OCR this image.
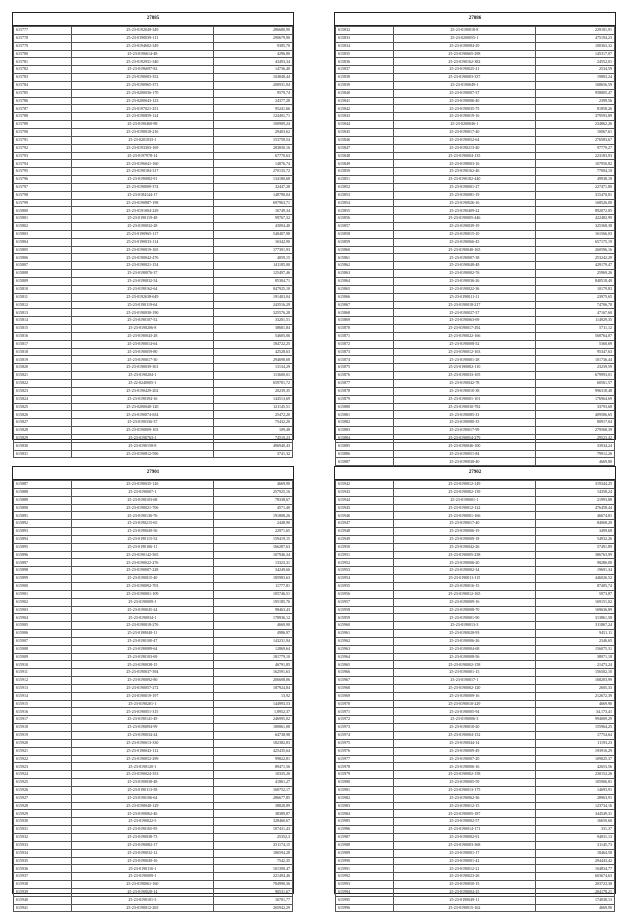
27885
615777	25-23-0192049-349	286680,90
615778	25-23-0190039-111	290679,90
615779	25-23-0194602-349	9385,70
615780	25-23-0196614-48	4296,80
615781	25-23-0192931-340	43493,34
615782	25-23-0196697-82	14736,40
615783	25-23-0190003-352	104848,44
615784	25-23-0190965-371	200931,94
615785	25-23-0200036-170	9579,74
615786	25-23-0200043-123	24377,28
615787	25-23-0197021-251	95241,66
615788	25-23-0190859-124	124491,71
615789	25-23-0190460-98	100909,24
615790	25-23-0190018-216	29403,62
615791	25-23-0201033-1	153758,54
615792	25-23-0193303-169	283830,16
615793	25-23-0197978-14	67770,63
615794	25-23-0196041-160	14876,74
615795	25-23-0190184-317	270135,72
615796	25-23-0190082-91	134180,68
615797	25-23-0190009-374	32447,28
615798	25-23-0184144-17	148790,04
615799	25-23-0190887-198	697963,71
615800	25-23-0191004-229	16749,34
615801	25-23-0190119-48	99767,32
615802	25-23-0190032-28	43094,40
615803	25-23-0190965-117	540407,98
615804	25-23-0190033-114	16342,90
615805	25-23-0190019-165	177391,93
615806	25-23-0190042-476	4059,15
615807	25-23-0190021-154	141185,00
615808	25-23-0190076-37	125497,46
615809	25-23-0190032-54	85304,71
615810	25-23-0190162-64	847925,10
615811	25-23-0192638-649	191403,04
615812	25-23-0190119-64	243516,29
615813	25-23-0190030-190	325576,28
615814	25-23-0190107-52	33201,51
615815	25-23-0190206-8	38681,84
615816	25-23-0190043-28	54605,06
615817	25-23-0190014-64	184722,25
615818	25-23-0190059-80	42528,63
615819	25-23-0190017-30	294698,68
615820	25-23-0190039-301	13134,29
615821	25-23-0190204-1	113600,01
615822	25-22-0240005-1	659701,72
615823	25-23-0190429-202	20239,35
615824	25-23-0190394-16	144513,69
615825	25-23-0200040-120	121145,51
615826	25-23-0190074-654	25472,20
615827	25-23-0190336-37	75432,20
615828	25-23-0190009-103	109,48
615829	25-23-0190763-1	74510,23
615830	25-23-0190158-8	496940,43
615831	25-23-0190812-596	3741,32
27886
615832	25-23-0190018-8	229181,91
615833	25-23-0200055-1	475194,23
615834	25-23-0190084-29	100363,32
615835	25-23-0190665-298	145317,07
615836	25-23-0190162-382	24552,01
615837	25-23-0190025-21	2534,59
615838	25-23-0190003-337	19883,24
615839	25-23-0190049-1	168656,59
615840	25-23-0190007-37	958805,47
615841	25-23-0190006-40	2399,56
615842	25-23-0190035-75	81858,26
615843	25-23-0190019-16	379593,89
615844	25-23-0200046-1	234862,26
615845	25-23-0190017-40	10067,61
615846	25-23-0190052-64	276583,67
615847	25-23-0190213-40	97779,27
615848	25-23-0190004-135	223183,93
615849	25-23-0198003-16	107950,82
615850	25-23-0190162-46	77004,10
615851	25-23-0190182-440	49938,18
615852	25-23-0190001-27	227471,80
615853	25-23-0190081-19	315470,81
615854	25-23-0190026-16	168526,00
615855	25-23-0190409-22	892072,05
615856	25-23-0190005-446	422482,99
615857	25-23-0190039-19	325368,38
615858	25-23-0190015-10	161566,03
615859	25-23-0190066-45	657175,19
615860	25-23-0190040-165	260596,16
615861	25-23-0190007-38	253242,29
615862	25-23-0190048-48	429179,47
615863	25-23-0190002-76	25969,26
615864	25-23-0190036-26	840518,49
615865	25-23-0190022-36	10179,83
615866	25-23-0190011-11	23975,65
615867	25-23-0190018-217	74706,78
615868	25-23-0190027-37	47167,60
615869	25-23-0190063-69	114929,35
615870	25-23-0190017-292	5711,12
615871	25-23-0190022-166	568764,07
615872	25-23-0190008-52	5360,69
615873	25-23-0190012-163	95347,63
615874	25-23-0190001-28	101736,44
615875	25-23-0190002-110	23239,59
615876	25-23-0190033-105	679993,01
615877	25-23-0190042-78	60561,57
615878	25-23-0190010-38	996318,48
615879	25-23-0190001-101	176964,69
615880	25-23-0190030-782	33793,68
615881	25-23-0190085-31	409586,65
615882	25-23-0190080-35	80917,04
615883	25-23-0190017-99	279568,39
615884	25-23-0190054-279	29523,42
615885	25-23-0190046-100	33934,24
615886	25-23-0190051-84	79912,26
615887	25-23-0190030-40	4669,80
27901
615887	25-23-0190035-126	4669,90
615888	25-23-0190007-1	257925,16
615889	25-23-0190103-68	78338,67
615890	25-23-0190021-706	4571,40
615891	25-23-0190136-76	191808,26
615892	25-23-0190215-65	2448,90
615893	25-23-0190049-56	22971,65
615894	25-23-0190115-52	159419,15
615895	25-23-0190106-11	166287,63
615896	25-23-0190142-565	107946,34
615897	25-23-0190022-276	13323,31
615898	25-23-0190007-228	34249,66
615899	25-23-0190015-40	185983,63
615900	25-23-0190092-703	11777,81
615901	25-23-0190001-109	105746,51
615902	25-23-0190009-1	195185,76
615903	25-23-0190045-24	98463,43
615904	25-23-0190034-1	178936,12
615905	25-23-0190018-276	4669,90
615906	25-23-0190040-11	4986,97
615907	25-23-0190100-47	143231,94
615908	25-23-0190089-64	12869,64
615909	25-23-0190103-69	181779,10
615910	25-23-0190038-15	46791,85
615911	25-23-0190037-394	162591,63
615912	25-23-0190092-80	206608,06
615913	25-23-0190057-272	187924,84
615914	25-23-0190019-197	13,92
615915	25-23-0190201-1	144993,53
615916	25-23-0190051-315	1,8952,37
615917	25-23-0190141-49	246995,02
615918	25-23-0190094-99	180861,08
615919	25-23-0190034-24	64738,98
615920	25-23-0190013-330	182382,83
615921	25-23-0190043-112	425435,64
615922	25-23-0190052-299	99822,81
615923	25-23-0190120-1	89471,56
615924	25-23-0190024-353	10335,26
615925	25-23-0190038-48	41861,27
615926	25-23-0190113-58	160752,17
615927	25-23-0190106-64	286677,85
615928	25-23-0190040-129	38828,89
615929	25-23-0190062-46	38389,87
615930	25-23-0190022-5	328460,67
615931	25-23-0190165-95	107431,43
615932	25-23-0190038-73	25352,3
615933	25-23-0190082-17	251174,15
615934	25-23-0190032-12	186594,28
615935	25-23-0190049-16	7542,35
615936	25-23-0190116-1	101390,47
615937	25-23-0190009-1	221494,46
615938	25-23-0190061-160	784990,36
615939	25-23-0190020-14	90531,67
615940	25-23-0190101-3	16701,77
615941	25-23-0190012-265	265942,29
27902
615942	25-23-0190012-149	319344,25
615943	25-23-0190002-139	14358,24
615944	25-23-0190001-1	21993,88
615945	25-23-0190012-122	476458,44
615946	25-23-0190001-166	46674,81
615947	25-23-0190017-40	84068,20
615948	25-23-0190006-19	3499,68
615949	25-23-0190009-18	54932,26
615950	25-23-0190042-26	57491,89
615951	25-23-0190005-238	386763,99
615952	25-23-0190006-20	98286,00
615953	25-23-0190002-34	19691,34
615954	25-23-0190011-115	446026,52
615955	25-23-0190016-15	87405,74
615956	25-23-0190012-165	5973,87
615957	25-23-0190009-16	169151,02
615958	25-23-0190008-70	169636,89
615959	25-23-0190001-90	313861,58
615960	25-23-0190013-3	311867,24
615961	25-23-0190020-93	9451,11
615962	25-23-0190006-26	2346,65
615963	25-23-0190004-68	156075,31
615964	25-23-0190008-56	38971,18
615965	25-23-0190002-158	21473,24
615966	25-23-0190001-15	156502,10
615967	25-23-0190017-1	168203,99
615968	25-23-0190002-120	2605,33
615969	25-23-0190009-16	212672,39
615970	25-23-0190010-229	4669,90
615971	25-23-0190005-94	34,173,41
615972	25-23-0190006-3	994009,29
615973	25-23-0190010-20	155964,25
615974	25-23-0190004-152	17754,64
615975	25-23-0190044-14	11193,23
615976	25-23-0190009-49	193916,29
615977	25-23-0190007-20	109025,37
615978	25-23-0190006-16	42653,56
615979	25-23-0190002-158	230152,26
615980	25-23-0190005-59	105906,81
615981	25-23-0190013-175	14693,91
615982	25-23-0190062-36	28963,91
615983	25-23-0190012-15	123734,16
615984	25-23-0190005-187	344549,31
615985	25-23-0190002-57	16650,60
615986	25-23-0190014-171	331,37
615987	25-23-0190002-91	94031,13
615988	25-23-0190003-368	31145,73
615989	25-23-0190001-17	18464,58
615990	25-23-0190001-42	294443,42
615991	25-23-0190012-21	104834,77
615992	25-23-0190023-26	603674,63
615993	25-23-0190050-15	203723,30
615994	25-23-0190004-25	204178,21
615995	25-23-0190049-11	174038,13
615996	25-23-0190015-162	4669,90
